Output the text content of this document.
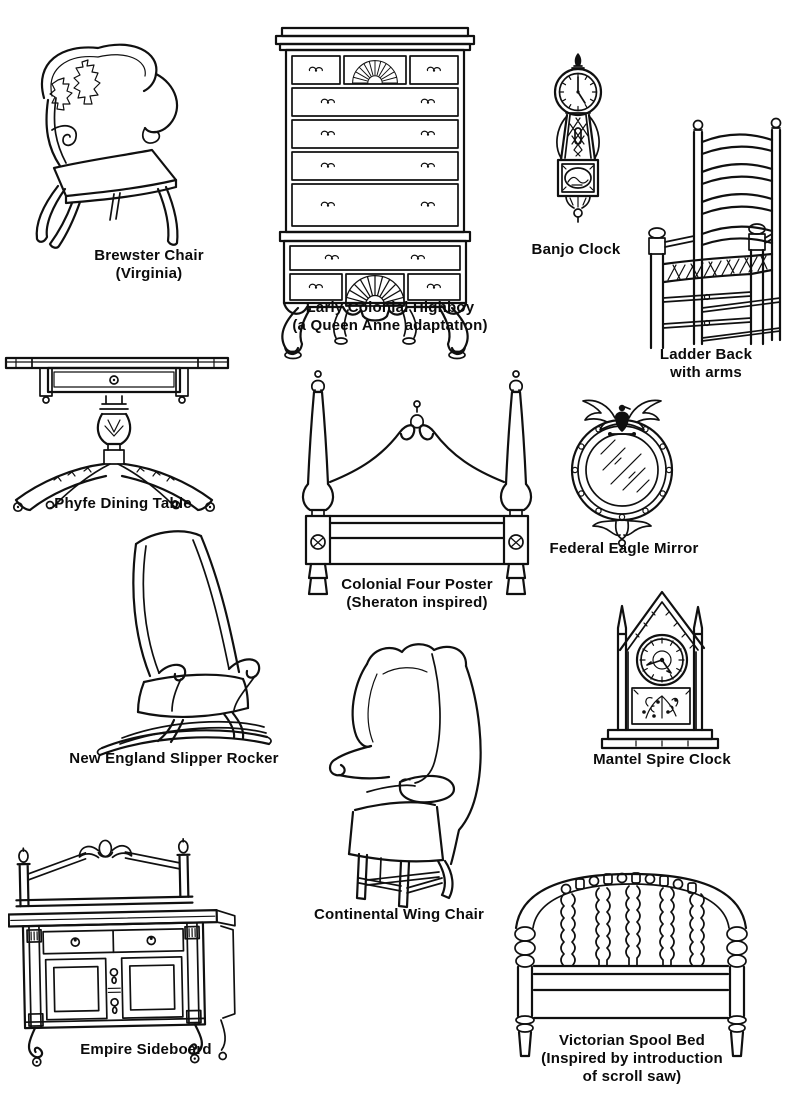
Brewster Chair
(Virginia)
Early Colonial Highboy
(a Queen Anne adaptation)
Banjo Clock
Ladder Back
with arms
Phyfe Dining Table
Colonial Four Poster
(Sheraton inspired)
Federal Eagle Mirror
New England Slipper Rocker	Mantel Spire Clock
Continental Wing Chair
Empire Sideboard
Victorian Spool Bed
(Inspired by introduction
of scroll saw)
